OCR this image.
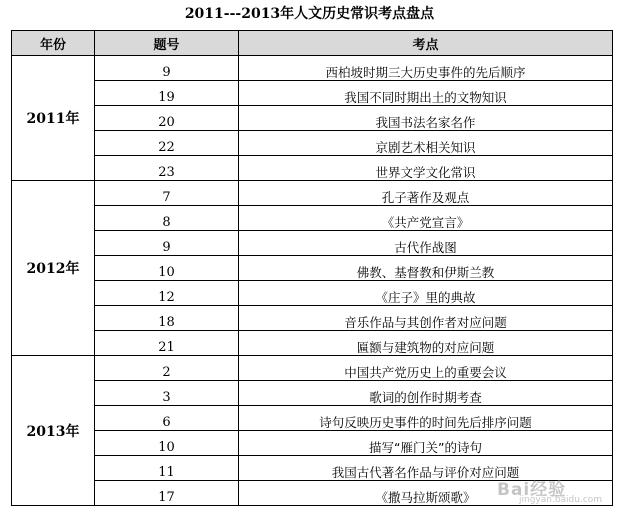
2011---2013年人文历史常识考点盘点
年份	题号	考点
2011年	9	西柏坡时期三大历史事件的先后顺序
	19	我国不同时期出土的文物知识
	20	我国书法名家名作
	22	京剧艺术相关知识
	23	世界文学文化常识
2012年	7	孔子著作及观点
	8	《共产党宣言》
	9	古代作战图
	10	佛教、基督教和伊斯兰教
	12	《庄子》里的典故
	18	音乐作品与其创作者对应问题
	21	匾额与建筑物的对应问题
2013年	2	中国共产党历史上的重要会议
	3	歌词的创作时期考查
	6	诗句反映历史事件的时间先后排序问题
	10	描写“雁门关”的诗句
	11	我国古代著名作品与评价对应问题
	17	《撒马拉斯颂歌》 Bai经验
jingyan.baidu.com
